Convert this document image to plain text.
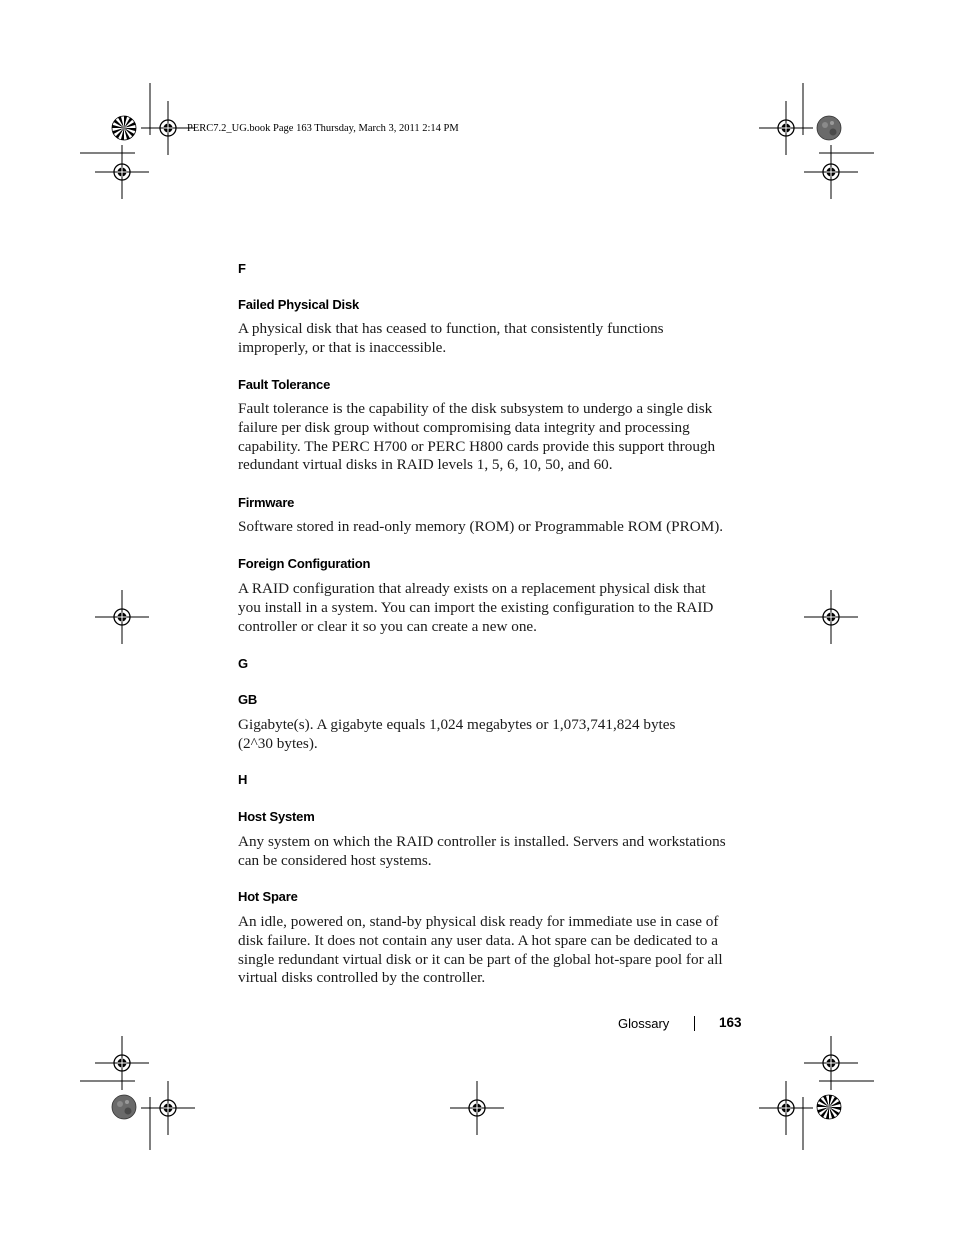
PERC7.2_UG.book Page 163 Thursday, March 3, 2011 2:14 PM
F
Failed Physical Disk
A physical disk that has ceased to function, that consistently functions
improperly, or that is inaccessible.
Fault Tolerance
Fault tolerance is the capability of the disk subsystem to undergo a single disk
failure per disk group without compromising data integrity and processing
capability. The PERC H700 or PERC H800 cards provide this support through
redundant virtual disks in RAID levels 1, 5, 6, 10, 50, and 60.
Firmware
Software stored in read-only memory (ROM) or Programmable ROM (PROM).
Foreign Configuration
A RAID configuration that already exists on a replacement physical disk that
you install in a system. You can import the existing configuration to the RAID
controller or clear it so you can create a new one.
G
GB
Gigabyte(s). A gigabyte equals 1,024 megabytes or 1,073,741,824 bytes
(2^30 bytes).
H
Host System
Any system on which the RAID controller is installed. Servers and workstations
can be considered host systems.
Hot Spare
An idle, powered on, stand-by physical disk ready for immediate use in case of
disk failure. It does not contain any user data. A hot spare can be dedicated to a
single redundant virtual disk or it can be part of the global hot-spare pool for all
virtual disks controlled by the controller.
Glossary	163
